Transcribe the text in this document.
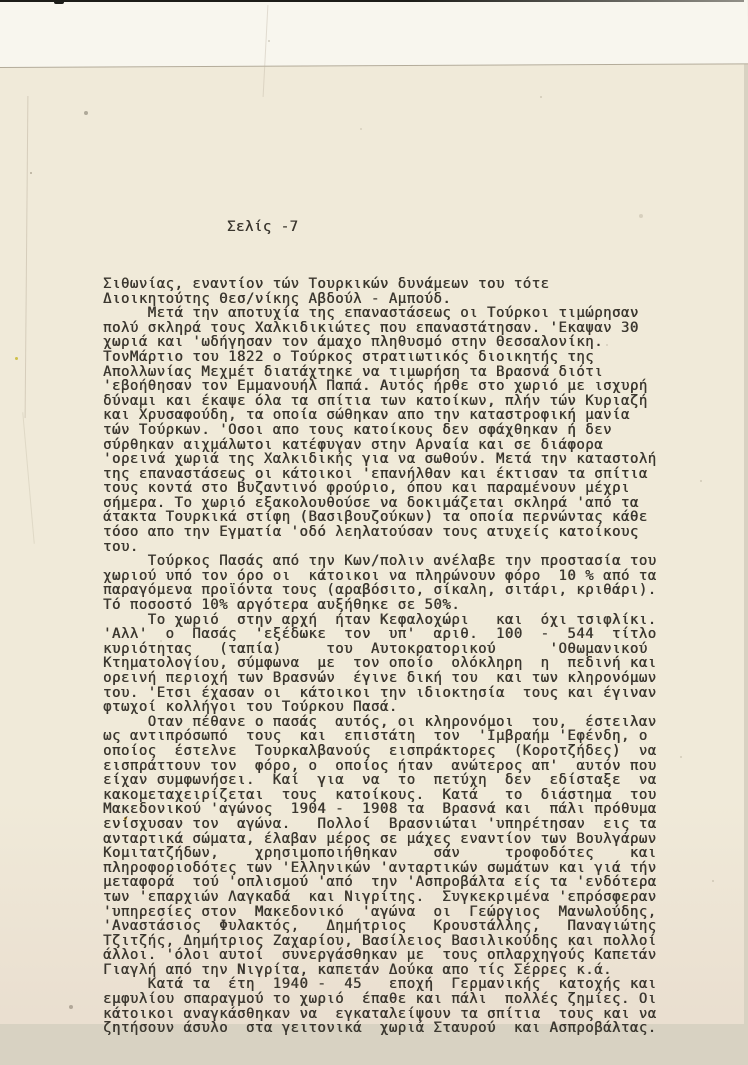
Σελίς -7

Σιθωνίας, εναντίον τών Τουρκικών δυνάμεων του τότε
Διοικητούτης Θεσ/νίκης Αβδούλ - Αμπούδ.
Μετά την αποτυχία της επαναστάσεως οι Τούρκοι τιμώρησαν
πολύ σκληρά τους Χαλκιδικιώτες που επαναστάτησαν. 'Εκαψαν 30
χωριά και 'ωδήγησαν τον άμαχο πληθυσμό στην Θεσσαλονίκη.
ΤονΜάρτιο του 1822 ο Τούρκος στρατιωτικός διοικητής της
Απολλωνίας Μεχμέτ διατάχτηκε να τιμωρήση τα Βρασνά διότι
'εβοήθησαν τον Εμμανουήλ Παπά. Αυτός ήρθε στο χωριό με ισχυρή
δύναμι και έκαψε όλα τα σπίτια των κατοίκων, πλήν τών Κυριαζή
και Χρυσαφούδη, τα οποία σώθηκαν απο την καταστροφική μανία
τών Τούρκων. 'Οσοι απο τους κατοίκους δεν σφάχθηκαν ή δεν
σύρθηκαν αιχμάλωτοι κατέφυγαν στην Αρναία και σε διάφορα
'ορεινά χωριά της Χαλκιδικής για να σωθούν. Μετά την καταστολή
της επαναστάσεως οι κάτοικοι 'επανήλθαν και έκτισαν τα σπίτια
τους κοντά στο Βυζαντινό φρούριο, όπου και παραμένουν μέχρι
σήμερα. Το χωριό εξακολουθούσε να δοκιμάζεται σκληρά 'από τα
άτακτα Τουρκικά στίφη (Βασιβουζούκων) τα οποία περνώντας κάθε
τόσο απο την Εγματία 'οδό λεηλατούσαν τους ατυχείς κατοίκους
του.
Τούρκος Πασάς από την Κων/πολιν ανέλαβε την προστασία του
χωριού υπό τον όρο οι  κάτοικοι να πληρώνουν φόρο  10 % από τα
παραγόμενα προϊόντα τους (αραβόσιτο, σίκαλη, σιτάρι, κριθάρι).
Τό ποσοστό 10% αργότερα αυξήθηκε σε 50%.
Το χωριό  στην αρχή  ήταν Κεφαλοχώρι   και  όχι τσιφλίκι.
'Αλλ'  ο  Πασάς  'εξέδωκε  τον  υπ'  αριθ.  100  -  544  τίτλο
κυριότητας   (ταπία)     του  Αυτοκρατορικού      'Οθωμανικού
Κτηματολογίου, σύμφωνα  με  τον οποίο  ολόκληρη  η  πεδινή και
ορεινή περιοχή των Βρασνών  έγινε δική του  και των κληρονόμων
του. 'Ετσι έχασαν οι  κάτοικοι την ιδιοκτησία  τους και έγιναν
φτωχοί κολλήγοι του Τούρκου Πασά.
Οταν πέθανε ο πασάς  αυτός, οι κληρονόμοι  του,  έστειλαν
ως αντιπρόσωπό  τους  και  επιστάτη  τον  'Ιμβραήμ 'Εφένδη, ο
οποίος  έστελνε  Τουρκαλβανούς  εισπράκτορες  (Κοροτζήδες)  να
εισπράττουν τον  φόρο, ο  οποίος ήταν  ανώτερος απ'  αυτόν που
είχαν συμφωνήσει.  Καί  για  να  το  πετύχη  δεν  εδίσταξε  να
κακομεταχειρίζεται  τους  κατοίκους.  Κατά   το  διάστημα  του
Μακεδονικού 'αγώνος  1904 -  1908 τα  Βρασνά και  πάλι πρόθυμα
ενίσχυσαν τον  αγώνα.   Πολλοί  Βρασνιώται 'υπηρέτησαν  εις τα
ανταρτικά σώματα, έλαβαν μέρος σε μάχες εναντίον των Βουλγάρων
Κομιτατζήδων,    χρησιμοποιήθηκαν    σάν     τροφοδότες    και
πληροφοριοδότες των 'Ελληνικών 'ανταρτικών σωμάτων και γιά τήν
μεταφορά  τού 'οπλισμού 'από  την 'Ασπροβάλτα είς τα 'ενδότερα
των 'επαρχιών Λαγκαδά  και Νιγρίτης.  Συγκεκριμένα 'επρόσφεραν
'υπηρεσίες στον  Μακεδονικό  'αγώνα  οι  Γεώργιος  Μανωλούδης,
'Αναστάσιος  Φυλακτός,   Δημήτριος   Κρουστάλλης,   Παναγιώτης
Τζιτζής, Δημήτριος Ζαχαρίου, Βασίλειος Βασιλικούδης και πολλοί
άλλοι. 'όλοι αυτοί  συνεργάσθηκαν με  τους οπλαρχηγούς Καπετάν
Γιαγλή από την Νιγρίτα, καπετάν Δούκα απο τίς Σέρρες κ.ά.
Κατά τα  έτη  1940 -  45   εποχή  Γερμανικής  κατοχής και
εμφυλίου σπαραγμού το χωριό  έπαθε και πάλι  πολλές ζημίες. Οι
κάτοικοι αναγκάσθηκαν να  εγκαταλείψουν τα σπίτια  τους και να
ζητήσουν άσυλο  στα γειτονικά  χωριά Σταυρού  και Ασπροβάλτας.
